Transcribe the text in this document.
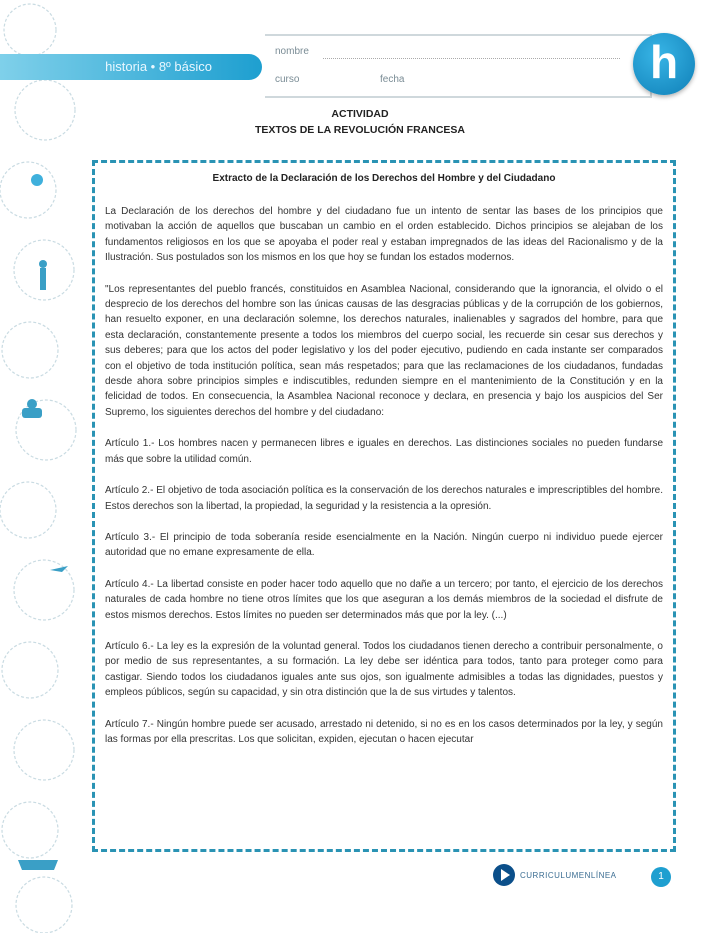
historia • 8º básico
nombre
curso	fecha	h
ACTIVIDAD
TEXTOS DE LA REVOLUCIÓN FRANCESA
Extracto de la Declaración de los Derechos del Hombre y del Ciudadano

La Declaración de los derechos del hombre y del ciudadano fue un intento de sentar las bases de los principios que motivaban la acción de aquellos que buscaban un cambio en el orden establecido. Dichos principios se alejaban de los fundamentos religiosos en los que se apoyaba el poder real y estaban impregnados de las ideas del Racionalismo y de la Ilustración. Sus postulados son los mismos en los que hoy se fundan los estados modernos.

"Los representantes del pueblo francés, constituidos en Asamblea Nacional, considerando que la ignorancia, el olvido o el desprecio de los derechos del hombre son las únicas causas de las desgracias públicas y de la corrupción de los gobiernos, han resuelto exponer, en una declaración solemne, los derechos naturales, inalienables y sagrados del hombre, para que esta declaración, constantemente presente a todos los miembros del cuerpo social, les recuerde sin cesar sus derechos y sus deberes; para que los actos del poder legislativo y los del poder ejecutivo, pudiendo en cada instante ser comparados con el objetivo de toda institución política, sean más respetados; para que las reclamaciones de los ciudadanos, fundadas desde ahora sobre principios simples e indiscutibles, redunden siempre en el mantenimiento de la Constitución y en la felicidad de todos. En consecuencia, la Asamblea Nacional reconoce y declara, en presencia y bajo los auspicios del Ser Supremo, los siguientes derechos del hombre y del ciudadano:

Artículo 1.- Los hombres nacen y permanecen libres e iguales en derechos. Las distinciones sociales no pueden fundarse más que sobre la utilidad común.

Artículo 2.- El objetivo de toda asociación política es la conservación de los derechos naturales e imprescriptibles del hombre. Estos derechos son la libertad, la propiedad, la seguridad y la resistencia a la opresión.

Artículo 3.- El principio de toda soberanía reside esencialmente en la Nación. Ningún cuerpo ni individuo puede ejercer autoridad que no emane expresamente de ella.

Artículo 4.- La libertad consiste en poder hacer todo aquello que no dañe a un tercero; por tanto, el ejercicio de los derechos naturales de cada hombre no tiene otros límites que los que aseguran a los demás miembros de la sociedad el disfrute de estos mismos derechos. Estos límites no pueden ser determinados más que por la ley. (...)

Artículo 6.- La ley es la expresión de la voluntad general. Todos los ciudadanos tienen derecho a contribuir personalmente, o por medio de sus representantes, a su formación. La ley debe ser idéntica para todos, tanto para proteger como para castigar. Siendo todos los ciudadanos iguales ante sus ojos, son igualmente admisibles a todas las dignidades, puestos y empleos públicos, según su capacidad, y sin otra distinción que la de sus virtudes y talentos.

Artículo 7.- Ningún hombre puede ser acusado, arrestado ni detenido, si no es en los casos determinados por la ley, y según las formas por ella prescritas. Los que solicitan, expiden, ejecutan o hacen ejecutar

CURRICULUMENLÍNEA	1
